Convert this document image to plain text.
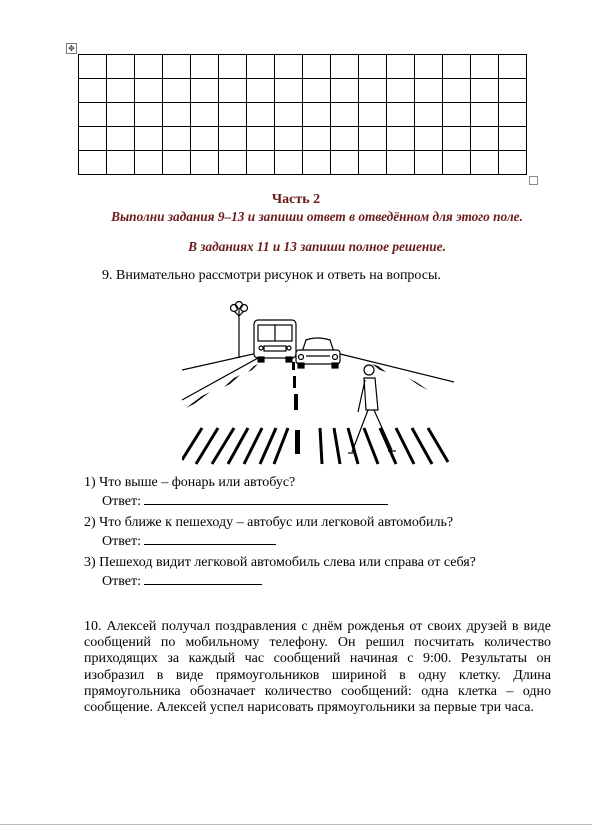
✥

Часть 2
Выполни задания 9–13 и запиши ответ в отведённом для этого поле.
В заданиях 11 и 13 запиши полное решение.
9. Внимательно рассмотри рисунок и ответь на вопросы.
1) Что выше – фонарь или автобус?
Ответ:
2) Что ближе к пешеходу – автобус или легковой автомобиль?
Ответ:
3) Пешеход видит легковой автомобиль слева или справа от себя?
Ответ:
10. Алексей получал поздравления с днём рожденья от своих друзей в виде сообщений по мобильному телефону. Он решил посчитать количество приходящих за каждый час сообщений начиная с 9:00. Результаты он изобразил в виде прямоугольников шириной в одну клетку. Длина прямоугольника обозначает количество сообщений: одна клетка – одно сообщение. Алексей успел нарисовать прямоугольники за первые три часа.
